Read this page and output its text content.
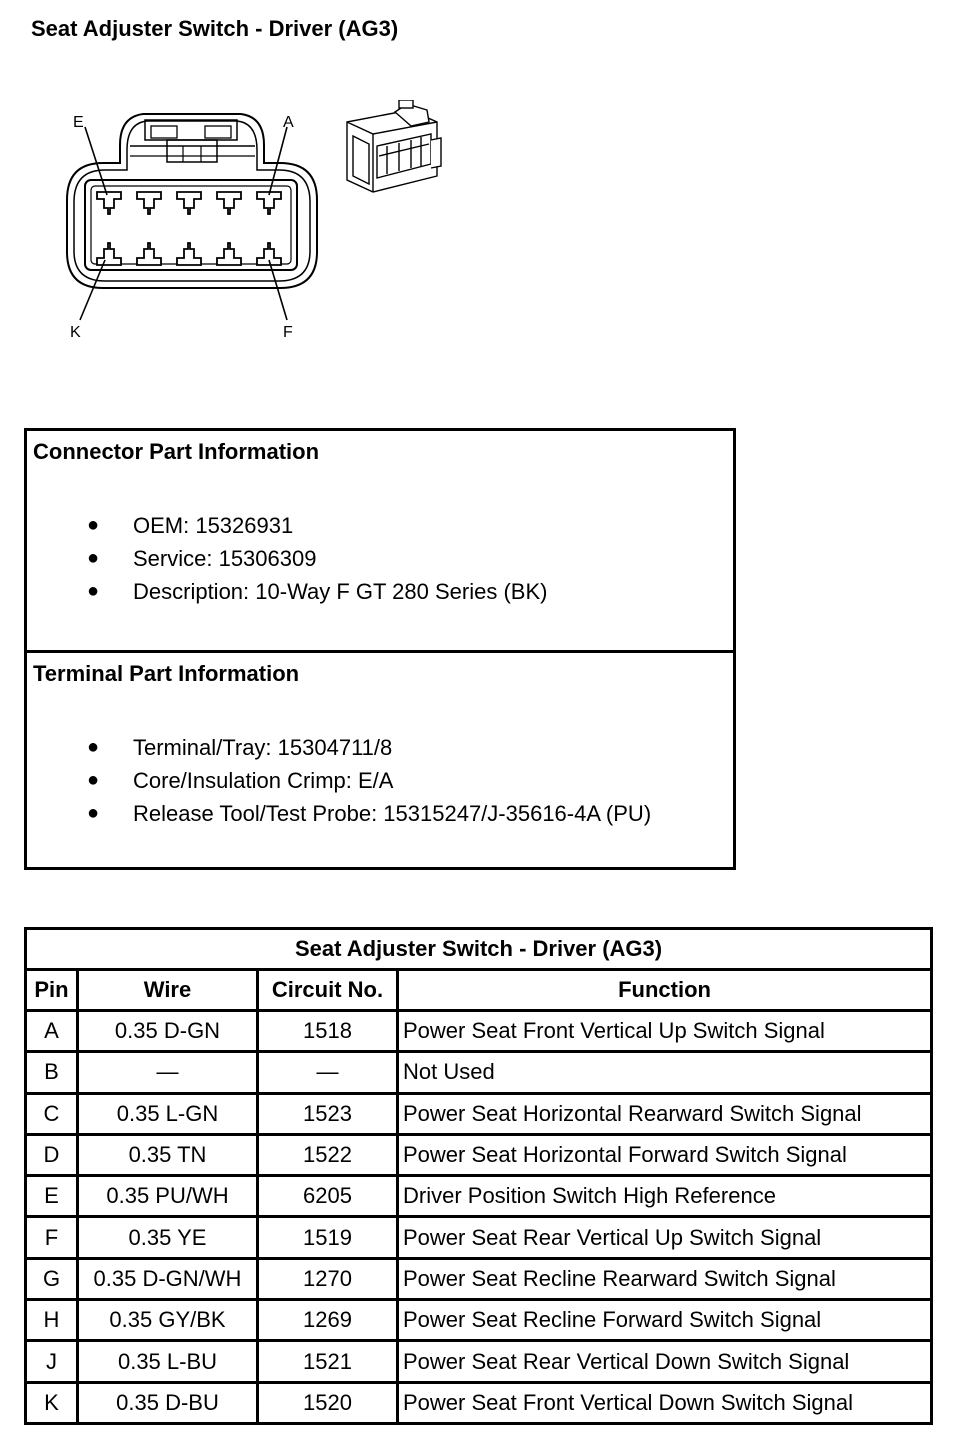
Seat Adjuster Switch - Driver (AG3)
E	A
K	F
Connector Part Information
● OEM: 15326931
● Service: 15306309
● Description: 10-Way F GT 280 Series (BK)
Terminal Part Information
● Terminal/Tray: 15304711/8
● Core/Insulation Crimp: E/A
● Release Tool/Test Probe: 15315247/J-35616-4A (PU)
Seat Adjuster Switch - Driver (AG3)			
Pin	Wire	Circuit No.	Function
A	0.35 D-GN	1518	Power Seat Front Vertical Up Switch Signal
B	—	—	Not Used
C	0.35 L-GN	1523	Power Seat Horizontal Rearward Switch Signal
D	0.35 TN	1522	Power Seat Horizontal Forward Switch Signal
E	0.35 PU/WH	6205	Driver Position Switch High Reference
F	0.35 YE	1519	Power Seat Rear Vertical Up Switch Signal
G	0.35 D-GN/WH	1270	Power Seat Recline Rearward Switch Signal
H	0.35 GY/BK	1269	Power Seat Recline Forward Switch Signal
J	0.35 L-BU	1521	Power Seat Rear Vertical Down Switch Signal
K	0.35 D-BU	1520	Power Seat Front Vertical Down Switch Signal
